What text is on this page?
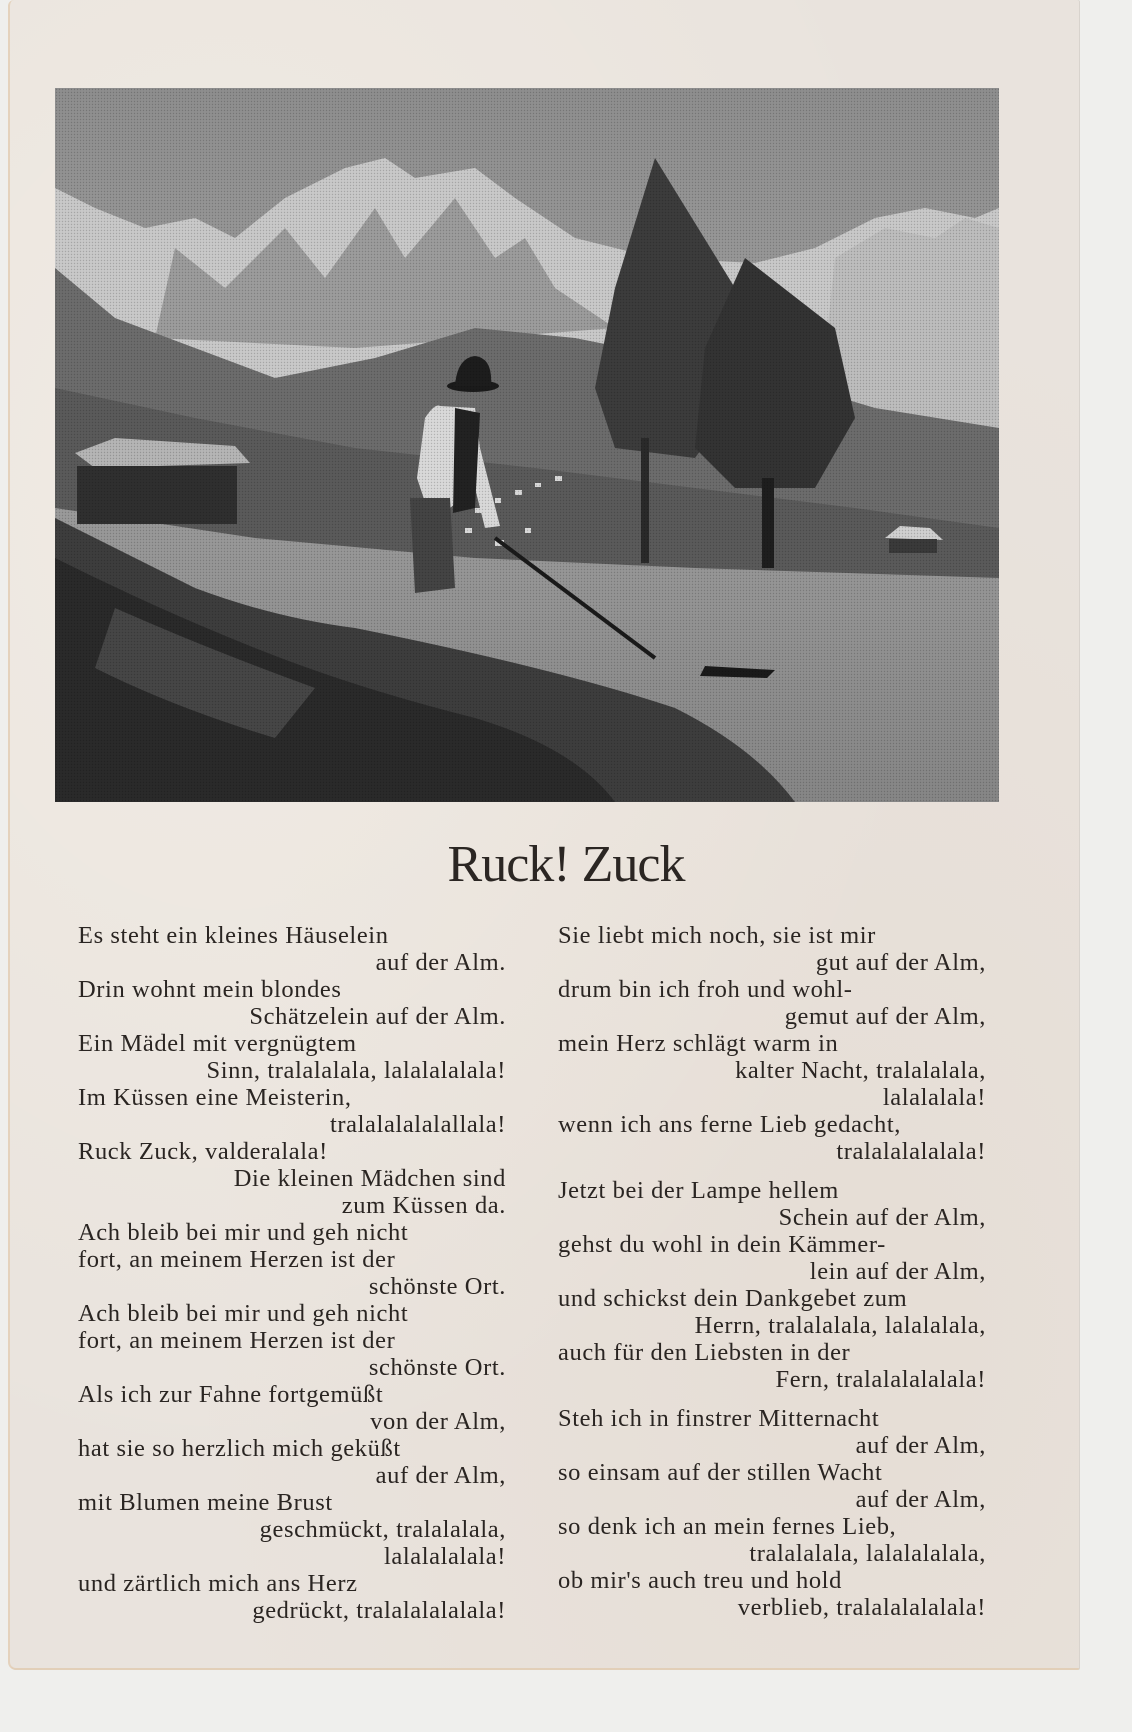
Ruck! Zuck
Es steht ein kleines Häuselein
auf der Alm.
Drin wohnt mein blondes
Schätzelein auf der Alm.
Ein Mädel mit vergnügtem
Sinn, tralalalala, lalalalalala!
Im Küssen eine Meisterin,
tralalalalalallala!
Ruck Zuck, valderalala!
Die kleinen Mädchen sind
zum Küssen da.
Ach bleib bei mir und geh nicht
fort, an meinem Herzen ist der
schönste Ort.
Ach bleib bei mir und geh nicht
fort, an meinem Herzen ist der
schönste Ort.
Als ich zur Fahne fortgemüßt
von der Alm,
hat sie so herzlich mich geküßt
auf der Alm,
mit Blumen meine Brust
geschmückt, tralalalala,
lalalalalala!
und zärtlich mich ans Herz
gedrückt, tralalalalalala!
Sie liebt mich noch, sie ist mir
gut auf der Alm,
drum bin ich froh und wohl-
gemut auf der Alm,
mein Herz schlägt warm in
kalter Nacht, tralalalala,
lalalalala!
wenn ich ans ferne Lieb gedacht,
tralalalalalala!
Jetzt bei der Lampe hellem
Schein auf der Alm,
gehst du wohl in dein Kämmer-
lein auf der Alm,
und schickst dein Dankgebet zum
Herrn, tralalalala, lalalalala,
auch für den Liebsten in der
Fern, tralalalalalala!
Steh ich in finstrer Mitternacht
auf der Alm,
so einsam auf der stillen Wacht
auf der Alm,
so denk ich an mein fernes Lieb,
tralalalala, lalalalalala,
ob mir's auch treu und hold
verblieb, tralalalalalala!
